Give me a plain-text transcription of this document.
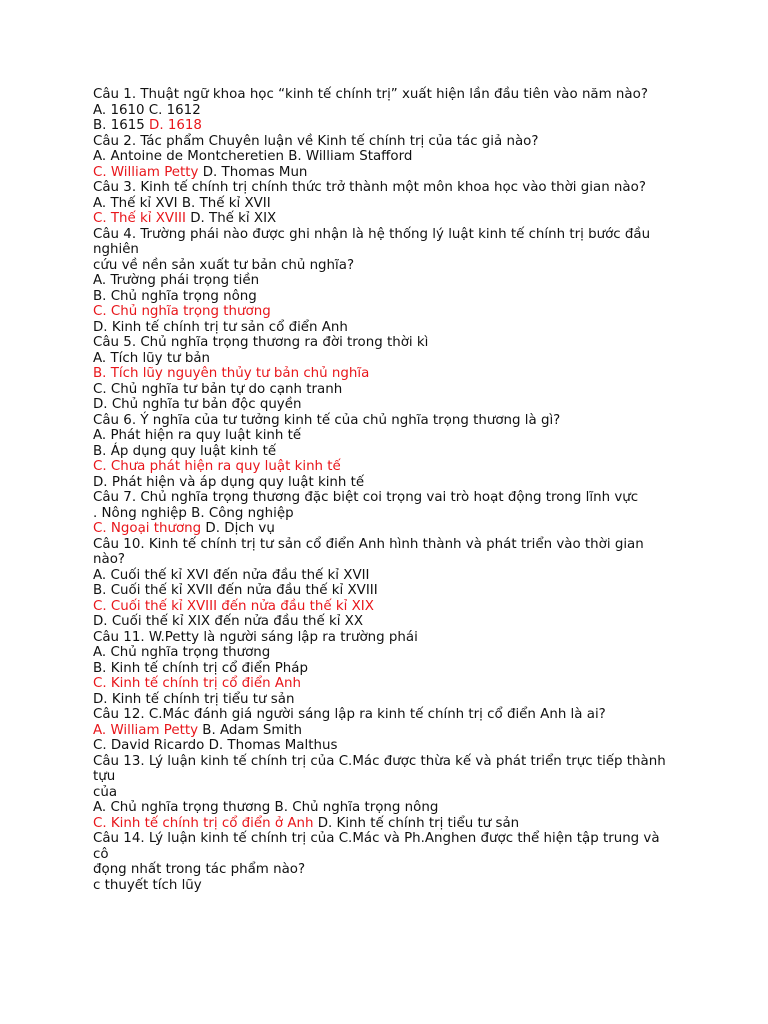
Câu 1. Thuật ngữ khoa học “kinh tế chính trị” xuất hiện lần đầu tiên vào năm nào?
A. 1610 C. 1612
B. 1615 D. 1618
Câu 2. Tác phẩm Chuyên luận về Kinh tế chính trị của tác giả nào?
A. Antoine de Montcheretien B. William Stafford
C. William Petty D. Thomas Mun
Câu 3. Kinh tế chính trị chính thức trở thành một môn khoa học vào thời gian nào?
A. Thế kỉ XVI B. Thế kỉ XVII
C. Thế kỉ XVIII D. Thế kỉ XIX
Câu 4. Trường phái nào được ghi nhận là hệ thống lý luật kinh tế chính trị bước đầu nghiên
cứu về nền sản xuất tư bản chủ nghĩa?
A. Trường phái trọng tiền
B. Chủ nghĩa trọng nông
C. Chủ nghĩa trọng thương
D. Kinh tế chính trị tư sản cổ điển Anh
Câu 5. Chủ nghĩa trọng thương ra đời trong thời kì
A. Tích lũy tư bản
B. Tích lũy nguyên thủy tư bản chủ nghĩa
C. Chủ nghĩa tư bản tự do cạnh tranh
D. Chủ nghĩa tư bản độc quyền
Câu 6. Ý nghĩa của tư tưởng kinh tế của chủ nghĩa trọng thương là gì?
A. Phát hiện ra quy luật kinh tế
B. Áp dụng quy luật kinh tế
C. Chưa phát hiện ra quy luật kinh tế
D. Phát hiện và áp dụng quy luật kinh tế
Câu 7. Chủ nghĩa trọng thương đặc biệt coi trọng vai trò hoạt động trong lĩnh vực
. Nông nghiệp B. Công nghiệp
C. Ngoại thương D. Dịch vụ
Câu 10. Kinh tế chính trị tư sản cổ điển Anh hình thành và phát triển vào thời gian nào?
A. Cuối thế kỉ XVI đến nửa đầu thế kỉ XVII
B. Cuối thế kỉ XVII đến nửa đầu thế kỉ XVIII
C. Cuối thế kỉ XVIII đến nửa đầu thế kỉ XIX
D. Cuối thế kỉ XIX đến nửa đầu thế kỉ XX
Câu 11. W.Petty là người sáng lập ra trường phái
A. Chủ nghĩa trọng thương
B. Kinh tế chính trị cổ điển Pháp
C. Kinh tế chính trị cổ điển Anh
D. Kinh tế chính trị tiểu tư sản
Câu 12. C.Mác đánh giá người sáng lập ra kinh tế chính trị cổ điển Anh là ai?
A. William Petty B. Adam Smith
C. David Ricardo D. Thomas Malthus
Câu 13. Lý luận kinh tế chính trị của C.Mác được thừa kế và phát triển trực tiếp thành tựu
của
A. Chủ nghĩa trọng thương B. Chủ nghĩa trọng nông
C. Kinh tế chính trị cổ điển ở Anh D. Kinh tế chính trị tiểu tư sản
Câu 14. Lý luận kinh tế chính trị của C.Mác và Ph.Anghen được thể hiện tập trung và cô
đọng nhất trong tác phẩm nào?
c thuyết tích lũy
